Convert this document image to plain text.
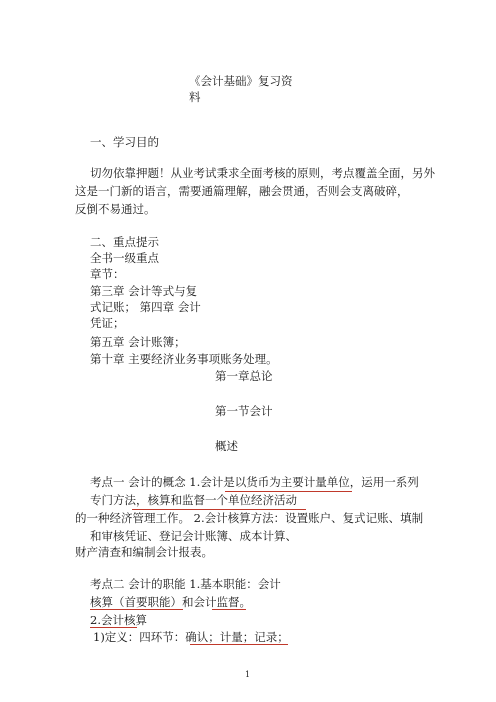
《会计基础》复习资
料
一、学习目的
切勿依靠押题！从业考试秉求全面考核的原则，考点覆盖全面，另外
这是一门新的语言，需要通篇理解，融会贯通，否则会支离破碎，
反倒不易通过。
二、重点提示
全书一级重点
章节：
第三章 会计等式与复
式记账； 第四章 会计
凭证；
第五章 会计账簿；
第十章 主要经济业务事项账务处理。
第一章总论
第一节会计
概述
考点一 会计的概念 1.会计是以货币为主要计量单位，运用一系列
专门方法，核算和监督一个单位经济活动
的一种经济管理工作。 2.会计核算方法：设置账户、复式记账、填制
和审核凭证、登记会计账簿、成本计算、
财产清查和编制会计报表。
考点二 会计的职能 1.基本职能：会计
核算（首要职能）和会计监督。
2.会计核算
1)定义：四环节：确认；计量；记录；
1
